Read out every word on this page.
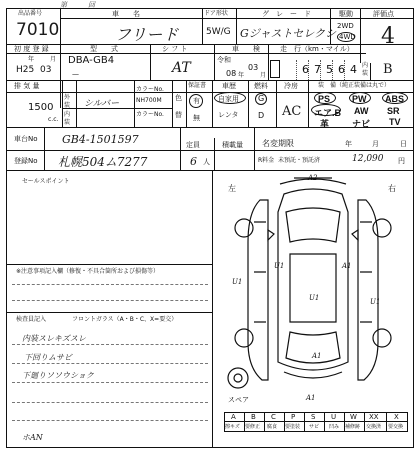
第　　　回
出品番号
7010
車　　名
フリード
ドア形状
5W/G
グ　レ　ー　ド
Gジャストセレクシ
駆動
2WD
4WD
評価点
4
初 度 登 録
年	月
H25 03
型　　式
DBA-GB4
—
シ フ ト
AT
車　　検
令和
08 年
03
月
走　行（km・マイル）
6 7 5 6 4 内装 B
排 気 量
1500
c.c.
外装
内装
シルバー
カラーNo.
NH700M
カラーNo.
色
替
保証書
有
無
車歴
自家用
レンタ
燃料
G
D
冷房
AC
装　備（純正装備は丸で）
PS PW ABS
エア.B AW SR
革	ナビ TV
車台No GB4-1501597
登録No 札幌504ム7277
定員
6 人
積載量 名変期限	年	月	日
R料金 未預託・預託済	12,090 円
セールスポイント
※注意事項記入欄（修復・不具合箇所および損傷等）
検査員記入	フロントガラス（A・B・C、X=要交）
内装スレキズスレ
下回りムサビ
下廻りソソウショク
ホAN
左	右
A2
U1
U1
U1
A1
U1
A1
A1
スペア
A B C P S U W XX X
擦キズ 要修正 腐食 要塗装 サビ 凹み 補修跡 交換済 要交換
